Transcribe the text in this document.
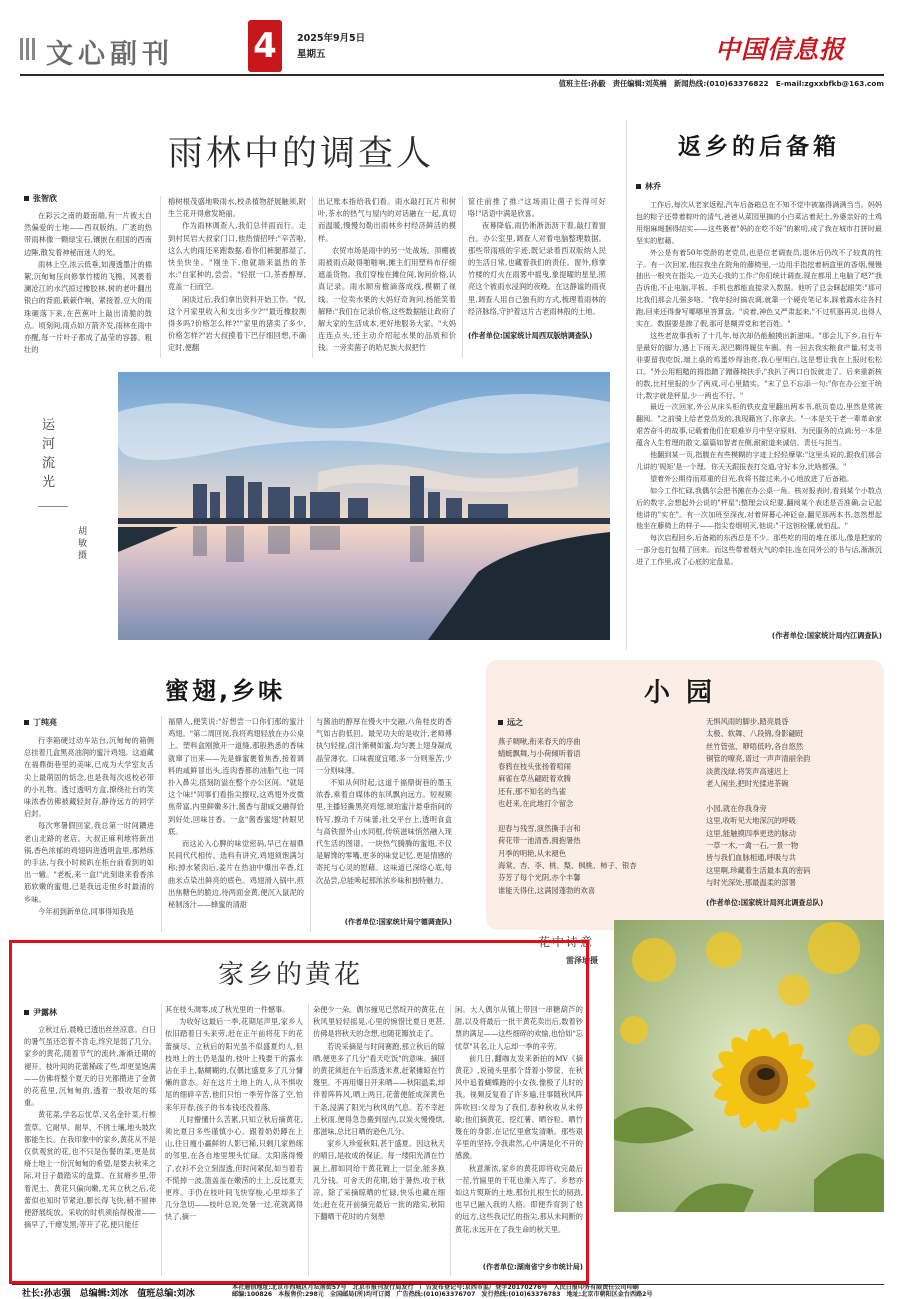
文心副刊 4 2025年9月5日
星期五	中国信息报
值班主任:孙毅　责任编辑:刘英楠　新闻热线:(010)63376822　E-mail:zgxxbfkb@163.com
雨林中的调查人
张智欣

在彩云之南的最南端,有一片被大自然偏爱的土地——西双版纳。广袤的热带雨林像一颗绿宝石,镶嵌在祖国的西南边陲,散发着神秘而迷人的光。

雨林上空,浓云低垂,如漫透墨汁的棉絮,沉甸甸压向修掌竹楼的飞檐。风裹着澜沧江的水汽掠过橡胶林,树的老叶翻出银白的背面,簌簌作响。紧接着,豆大的雨珠砸落下来,在芭蕉叶上敲出清脆的鼓点。顷刻间,雨点如万箭齐发,雨林在雨中亦醒,每一片叶子都成了晶莹的容器。粗壮的

榕树根茂盛地吸雨水,校杀植物舒展触须,附生兰花开得愈发艳丽。

作为雨林调查人,我们总伴雨而行。走到村民岩大叔家门口,他热情招呼:"辛苦啦,这么大的雨还来跑数据,看你们裤腿都湿了,快坐快坐。"刚坐下,他就端来温热的茶水:"自家种的,尝尝。"轻抿一口,茶香醇厚,竟盖一扫而空。

闲谈过后,我们拿出资料开始工作。"叔,这个月家里收入和支出多少?""最近橡胶割得多吗?价格怎么样?""家里的猪卖了多少,价格怎样?"岩大叔摸着下巴仔细回想,不确定时,便翻

出记账本指给我们看。雨水敲打瓦片和树叶,茶水的热气与屋内的对话融在一起,真切而温暖,慢慢勾勒出雨林乡村经济鲜活的模样。

农贸市场是雨中的另一处战场。顶棚被雨被雨点敲得啪啪响,摊主们用塑料布仔细遮盖货物。我们穿梭在摊位间,询问价格,认真记录。雨水顺房檐滴落成线,模糊了视线。一位卖水果的大妈好奇询问,杨能笑着解释:"我们在记录价格,这些数据能让政府了解大家的生活成本,更好地服务大家。"大妈连连点头,还主动介绍起水果的品质和价钱。一旁卖菌子的哈尼族大叔把竹

筐往前推了推:"这场雨让菌子长得可好咯!"话语中满是欣喜。

夜幕降临,雨仍淅淅沥沥下着,敲打着窗台。办公室里,调查人对着电脑整理数据。那些带雨痕的字迹,既记录着西双版纳人民的生活日常,也藏着我们的责任。窗外,修掌竹楼的灯火在雨雾中摇曳,象提曜的星星,照亮这个被雨水浸润的夜晚。在这静谧的雨夜里,调查人用自己独有的方式,梳理着雨林的经济脉络,守护着这片古老雨林般的土地。

(作者单位:国家统计局西双版纳调查队)
返乡的后备箱
林乔

工作后,每次从老家返程,汽车后备箱总在不知不觉中被塞得满满当当。妈妈包的粽子还带着粽叶的清气,爸爸从菜园里摘的小白菜沾着泥土,外婆亲好的土鸡用细麻绳捆得结实——这些裹着"妈的在吃不好"的絮叨,成了我在城市打拼时最坚实的慰藉。

外公是有着50年党龄的老党员,也是位老调查员,退休后仍改不了较真的性子。有一次回家,他拉我坐在院角的藤椅里,一边用手指挖着柄盒里的香烟,慢慢抽出一根夹在指尖,一边关心我的工作:"你们统计调查,现在都用上电脑了吧?"我告诉他,不止电脑,平板、手机也都能直接录入数据。他听了总会眯起眼笑:"那可比我们那会儿强多咯。"我年轻时搞农调,就靠一个硬壳笔记本,踩着露水往各村跑,回来还得誊写哪哪里答算盘。"说着,神色又严肃起来,"不过机器再灵,也得人实在。数据要是掺了假,那可是糊弄党和老百姓。"

这些老故事我听了十几年,每次却仍能触摸出新滋味。"那会儿下乡,自行车是最好的脚力,遇上下雨天,泥巴糊得履住车圈。有一回去我实粮食产量,村支书非要留我吃饭,端上桌的鸡蛋炒得油亮,我心里明白,这是想让我在上报时松松口。"外公用粗糙的拇指蹭了蹭藤椅扶手,"我扒了两口白饭就走了。后来重新核的数,比村里报的少了两成,可心里踏实。"末了总不忘添一句:"你在办公室干统计,数字就是秤星,少一两也不行。"

最近一次回家,外公从床头柜的铁皮盒里翻出两本书,纸页卷边,里然是常被翻阅。"之前骑上给老党员发的,我现籍宫了,你拿去。"一本是关于老一辈革命家艰苦奋斗的故事,记载着他们在艰难岁月中坚守原则、为民服务的点滴;另一本是蕴含人生哲理的散文,篇篇如智者在侧,耐耐道来诚信、责任与担当。

他翻到某一页,指腹在有些模糊的字迹上轻轻摩挲:"这里头说的,跟我们那会儿讲的'规矩'是一个理。你天天跟报表打交道,守好本分,比啥都强。"

望着外公期待而郑重的目光,我将书接过来,小心地放进了后备箱。

如今工作忙碌,我偶尔会把书摊在办公桌一角。核对报表时,看到某个小数点后的数字,会想起外公说的"秤星";整理会议纪要,翻阅某个表述是否准确,会记起他讲的"实在"。有一次加班至深夜,对着屏幕心神砭奋,翻见那两本书,忽然想起他坐在藤椅上的样子——指尖卷烟明灭,他说:"干这钥检懂,就怕乱。"

每次启程回乡,后备箱的东西总是不少。那些吃的用的堆在那儿,像是把家的一部分也打包精了回来。而这些带着烟火气的牵挂,连在同外公的书与话,渐渐沉进了工作里,成了心底的定盘星。

(作者单位:国家统计局内江调查队)
运河流光
胡敏
摄
蜜翅,乡味
丁纯亮

行李箱硬过动车站台,沉甸甸的箱侧总挂着几盒黑亮油润的蜜汁鸡翅。这道藏在福鼎街巷里的美味,已成为大学室友舌尖上最萌固的惦念,也是我每次返校必带的小礼物。透过透明方盒,撩绕社台的笑味浓香仿佛被藏轻封存,静待远方的同学启封。

每次寒暑假回家,我总第一时间鑽进老山北路的老店。大叔正麻利地将新出锅,香色浓郁的鸡翅码进透明盒里,那熟练的手法,与我小时候趴在柜台前看到的如出一辙。"老板,来一盒!"此刻谁来看香浓筋软嫩的蜜翅,已是我远走他乡时最清的乡味。

今年初到新单位,同事得知我是

福鼎人,便笑说:"好想尝一口你们那的蜜汁鸡翅。"第二周回岗,我将鸡翅轻放在办公桌上。塑料盒刚掀开一道缝,那般熟悉的香味就窜了出来——先是蜂蜜裹着焦香,接着调料的咸鲜冒出头,连肉香都的油脂气也一同扑入鼻尖,搭刻防溢在整个办公区间。"就是这个味!"同事们看指尖擦叹,这鸡翅外皮微焦带富,内里鲜嫩多汁,酱香与甜咸交融得恰到好处,回味甘香。一盒"酱香蜜翅"转眼见底。

而这沁入心脾的味觉密码,早已在福鼎民间代代相传。选料有讲究,鸡翅须饱满匀称;掉水紧肉后,姜片在热油中爆出辛香,红曲米点染出鲜亮的底色。鸡翅滑入锅中,煎出焦糖色的脆边,待两面金黄,便沉入鼠泥的秘制汤汁——蜂蜜的清甜

与酱油的醇厚在慢火中交融,八角桂皮的香气如古韵低回。最见功夫的是收汁,老师傅执勺轻搅,卤汁渐稠如蜜,均匀裹上翅身凝成晶莹薄衣。口味震度宜嗜,多一分则鉴苦,少一分则味薄。

不知从何时起,这道千福鼎街巷的墨玉浓香,乘着自媒体的东风飘向远方。短视频里,主播轻撕黑亮鸡翅,琥珀蜜汁悬垂指间的特写,撩动千万味蕾;社交平台上,透明食盒与高铁窗外山水同框,传统滋味悄然融入现代生活的图谱。一块热气腾腾的蜜翅,不仅是解馋的零嘴,更多的味觉记忆,更是情感的寄托与心灵的慰藉。这味道已深络心底,每次品尝,总能唤起那浓浓乡味和独特魅力。

(作者单位:国家统计局宁德调查队)
小园
远之
燕子啁啾,衔来春天的序曲
蜻蜓飘舞,与小荷倾听着语
春鸦在枝头张扬着喧闹
麻雀在草丛翩跹着欢腾
还有,那不知名的鸟雀
也赶来,在此地打个留念

迎春与残雪,演然撕手言和
荷花带一池清香,拥抱暑热
月季的明艳,从未褪色
海棠、杏、李、桃、梨、枫桃、柿子、银杏
芬芳了每个光阴,亦个丰馨
谁能夭得住,这满园蓬勃的欢喜
无惧风雨的脚步,踏亮晨昏
太极、软舞、八段锦,身影翩跹
丝竹管弦、咿唔低吟,各自悠然
铜管的嘹亮,谱过一声声清丽余韵
淡黄浅绿,将笑声高速迟上
老人闲坐,把时光揉进茶碗

小园,就在你我身旁
这里,收听见大地深沉的呼吸
这里,能触摸四季更迭的脉动
一草一木,一禽一石,一景一物
皆与我们血脉相通,呼吸与共
这里啊,珍藏着生活最本真的密码
与时光深处,那最温柔的部署
(作者单位:国家统计局河北调查总队)
花中诗意
雷泽瑜摄
家乡的黄花
尹露林

立秋过后,晨晚已透出丝丝凉意。白日的暑气虽还恋着不肯走,终究是弱了几分。家乡的黄花,随着节气的流转,渐渐迁期的褪开。枝叶间的花蕾稀疏了些,却更显饱满——仿佛将整个夏天的日光都攒进了金黄的花苞里,沉甸甸的,透着一股收尾的郑重。

黄花菜,学名忘忧草,又名金针菜,行檫萱草。它耐旱、耐旱、不挑土壤,地头坡坎都能生长。在我印象中的家乡,黄花从不是仅供观赏的花,也不只是伤餐的菜,更是贫瘠土地上一份沉甸甸的希望,是要去秋来之际,对日子最踏实的盘算。在贫瘠乡里,带着泥土、黄花只偏向嫩,尤其立秋之后,花蕾似也知时节紧迫,膨长得飞快,稍不留神便舒展绽放。采收的时机须掐得极准——摘早了,干瘪发黑;等开了花,便只能任

其在枝头凋零,成了秋光里的一件憾事。

为收好这最后一季,花期尾声里,家乡人依旧踏着日头来劳,赶在正午前将花下的花蕾摘尽。立秋后的阳光虽不似盛夏灼人,但枝地上的土仍是温的,枝叶上残要干的露水沾在手上,黏糊糊的,仅偶比盛夏多了几分慵懒的意态。好在这片土地上的人,从不惧收尾的细碎辛苦,他们只怕一季劳作落了空,怕来年开春,孩子的书本钱还没着落。

儿时懵懂什么苦累,只知立秋后摘黄花,须比夏日多些谨慎小心。跟着奶奶蹲在上山,往日瘦小赢鲜的人影已稀,只剩几家熟练的邻里,在各自地里埋头忙碌。太阳落得慢了,衣衫不会立刻湿透,但时间紧促,如当着若不慌掉一波,篮盖盖在嫩涝的土上,反比夏天更疼。手仍在枝叶间飞快穿梭,心里却多了几分急切——枝叶总说,处暑一过,花就离得快了,摘一

朵便少一朵。偶尔撞见已然绽开的黄花,在秋风里轻轻摇晃,心里的惋惜比夏日更甚,仿佛是将秋天的念想,也随花瓣放走了。

若说采摘是与时间赛跑,那立秋后的晾晒,便更多了几分"看天吃饭"的意味。摘回的黄花须赶在午后蒸透米煮,赶紧摊晾在竹篾里。不再用爆日开来晒——秋阳温柔,却伴着阵阵风,晒上两日,花蕾便能成深黄色干条,浸满了阳光与秋风的气息。若不幸赶上秋雨,便得急急搬到屋内,以炭火慢慢烘,那滋味,总比日晒的逊色几分。

家乡人珍爱秋阳,甚于盛夏。因这秋天的晴日,是收成的保证。每一缕阳光洒在竹匾上,都如同给干黄花镀上一层金,能多换几分钱。可舍天的花期,始于暑热,收于秋凉。除了采摘晾晒的忙碌,快乐也藏在细处;赶在花开前摘完最后一批的踏实,秋阳下翻晒干花时的片刻憩

闲。大人偶尔从镇上带回一串糖葫芦的甜,以及将最后一批干黄花卖出后,数着钞票的满足——这些细碎的欢愉,也恰如"忘忧草"其名,让人忘却一季的辛劳。

前几日,翻咖友发来新拍的MV《摘黄花》,说镜头里那个背着小箩筐、在秋风中追着蝴蝶跑的小女孩,像极了儿时的我。视频反复看了许多遍,往事随秋风阵阵吹回:父母为了我们,春种秋收从未停歇;他们摘黄花、挖红薯、晒谷粒、晒竹篾在的身影,在记忆里愈发清晰。那些艰辛里的坚持,令我肃然,心中满是化不开的感激。

秋意渐浓,家乡的黄花即将收完最后一茬,竹匾里的干花也渐入库了。乡愁亦如这片熨斯的土地,那份扎根生长的韧劲,也早已融入我的人格。即便乔育到了他的远方,这些我记忆的指尖,那从未间断的黄花,永远开在了我生命的秋天里。

(作者单位:湖南省宁乡市统计局)
社长:孙志强　总编辑:刘冰　值班总编:刘冰
本社通信地址:北京市西城区月坛南街57号　北京市报刊发行局发行　广告发布登记号:京西市监广登字20170276号　人民日报印务有限责任公司印刷
邮编:100826　本报售价:298元　全国邮局(所)均可订阅　广告热线:(010)63376707　发行热线:(010)63376783　地址:北京市朝阳区金台西路2号
